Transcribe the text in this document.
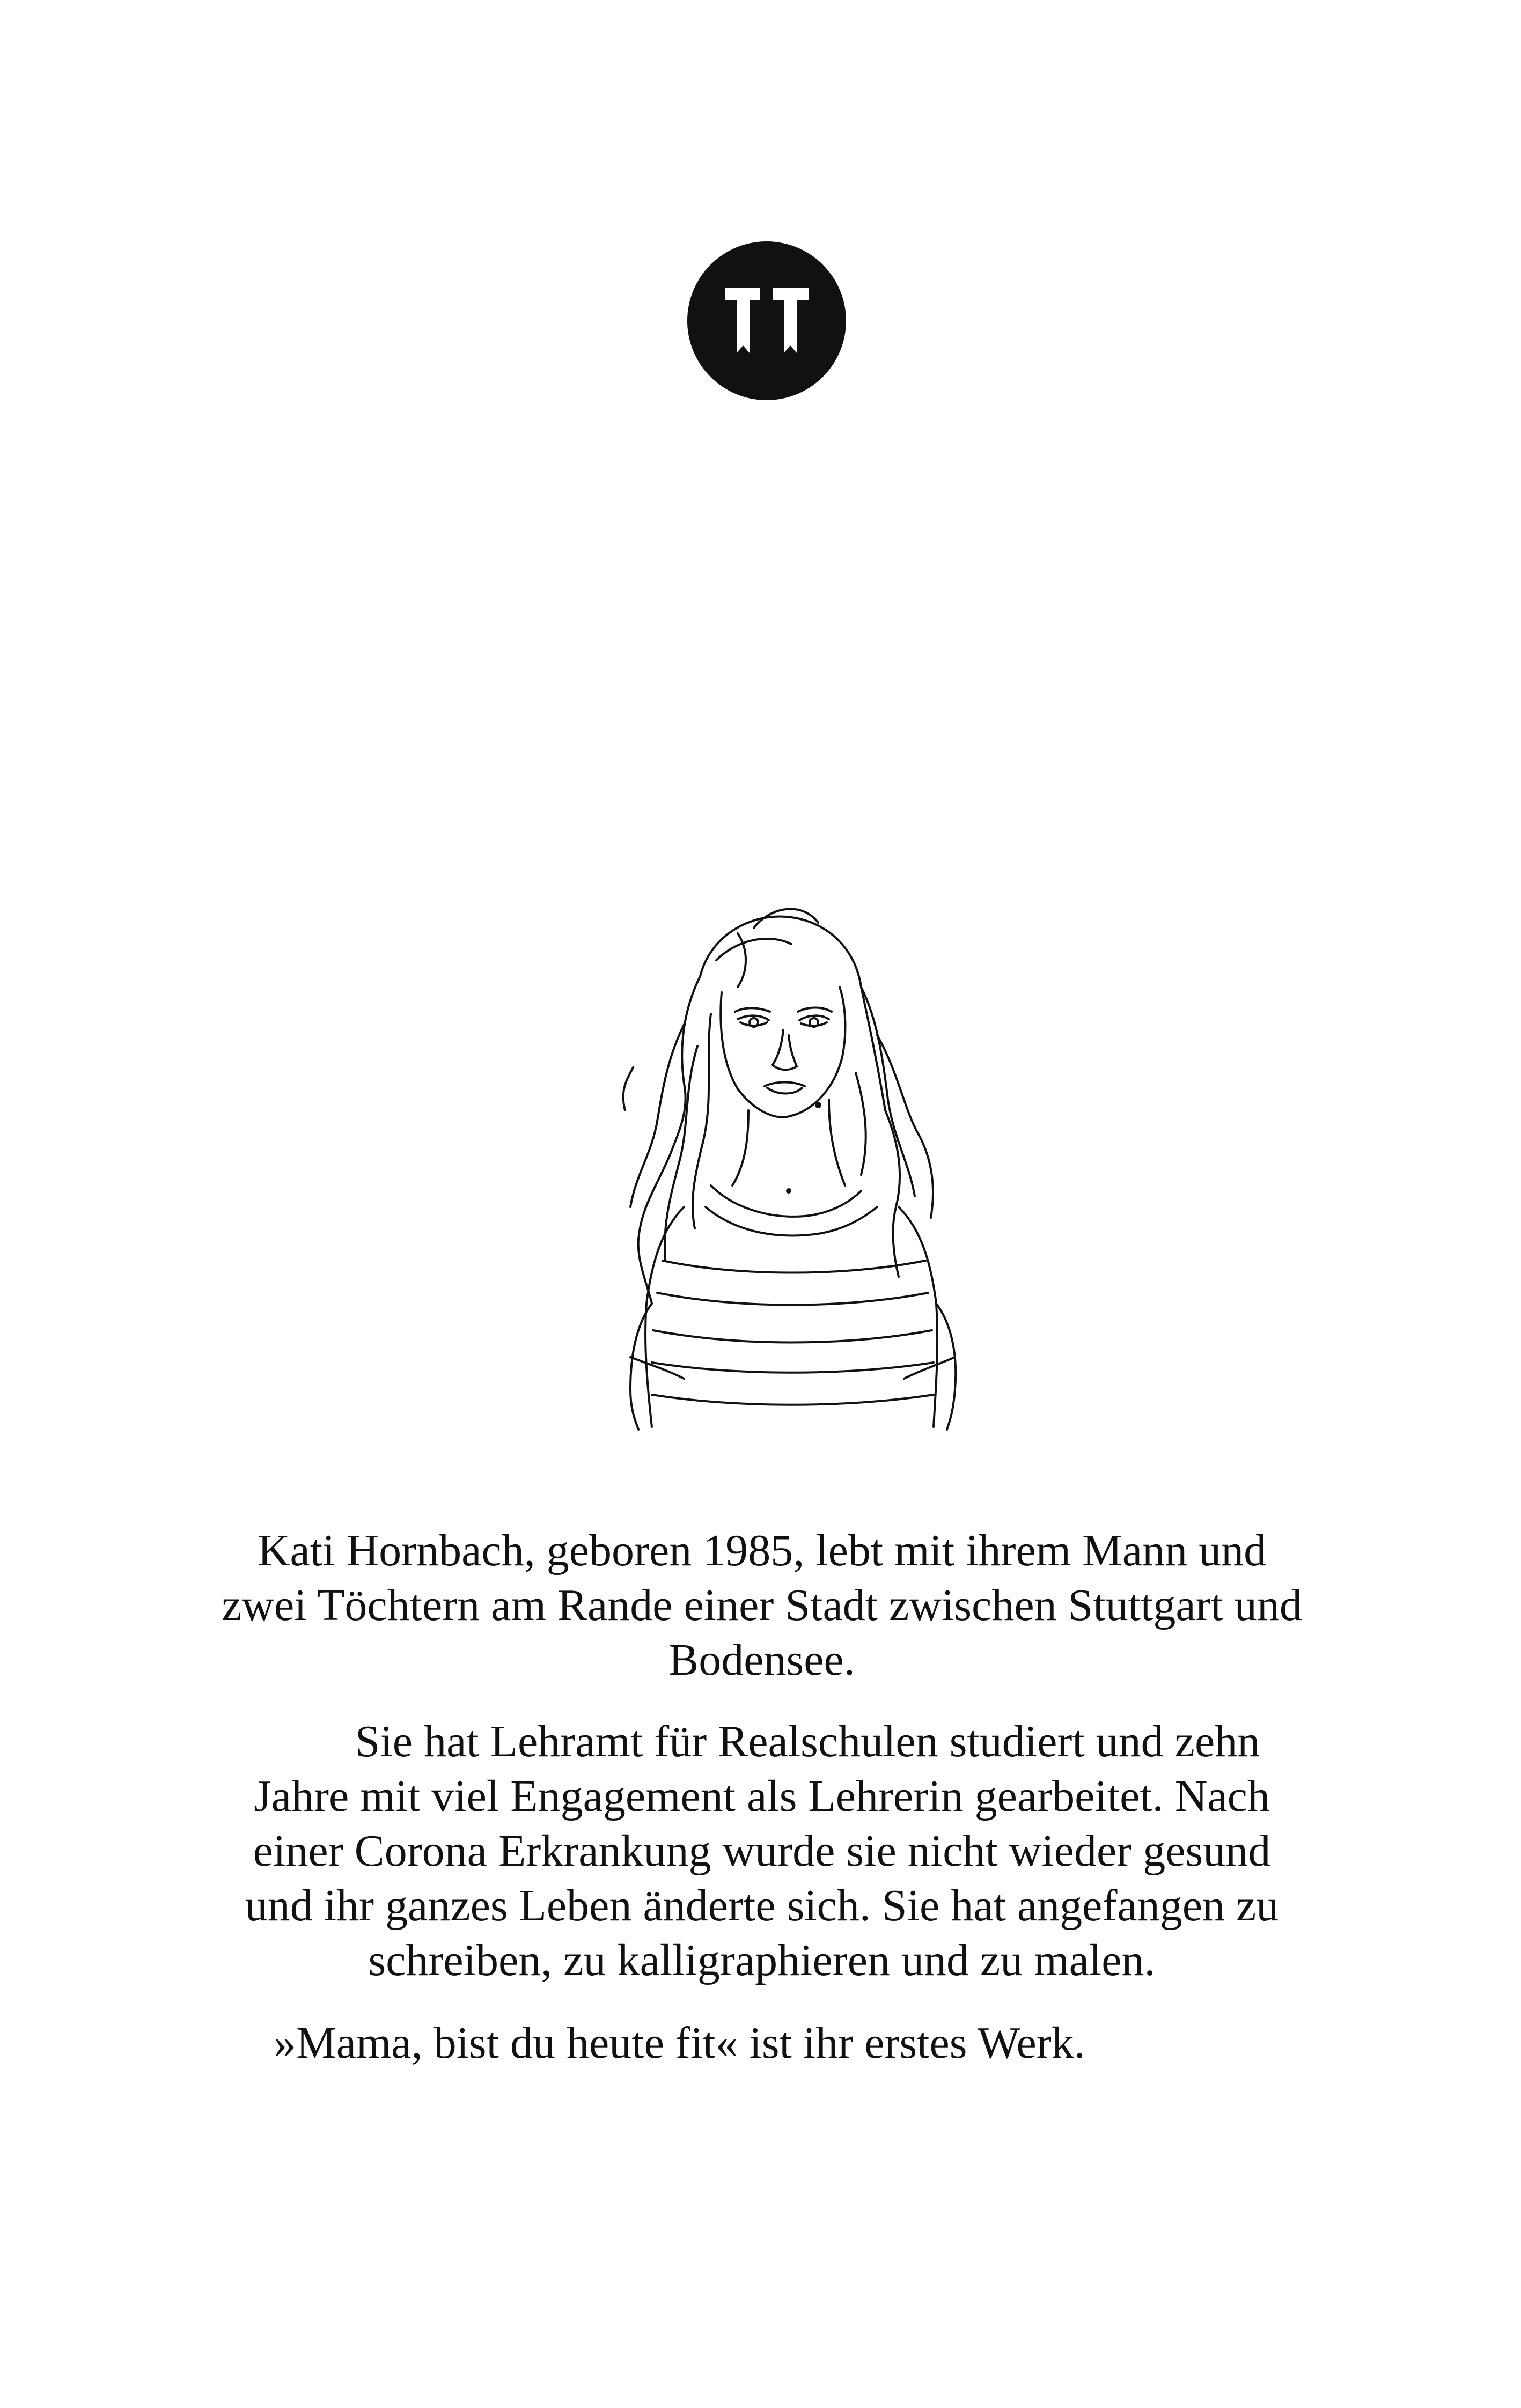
Kati Hornbach, geboren 1985, lebt mit ihrem Mann und zwei Töchtern am Rande einer Stadt zwischen Stuttgart und Bodensee.

Sie hat Lehramt für Realschulen studiert und zehn Jahre mit viel Engagement als Lehrerin gearbeitet. Nach einer Corona Erkrankung wurde sie nicht wieder gesund und ihr ganzes Leben änderte sich. Sie hat angefangen zu schreiben, zu kalligraphieren und zu malen.

»Mama, bist du heute fit« ist ihr erstes Werk.
